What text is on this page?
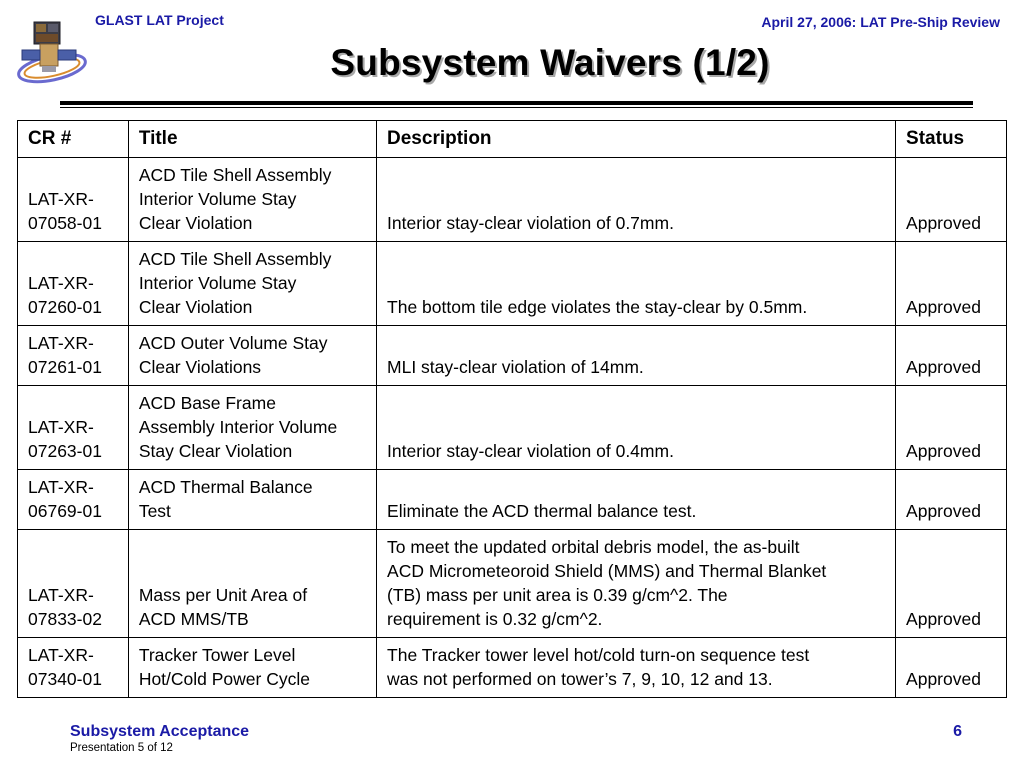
GLAST LAT Project	April 27, 2006: LAT Pre-Ship Review
Subsystem Waivers (1/2)
CR #	Title	Description	Status
LAT-XR-
07058-01	ACD Tile Shell Assembly
Interior Volume Stay
Clear Violation	Interior stay-clear violation of 0.7mm.	Approved
LAT-XR-
07260-01	ACD Tile Shell Assembly
Interior Volume Stay
Clear Violation	The bottom tile edge violates the stay-clear by 0.5mm.	Approved
LAT-XR-
07261-01	ACD Outer Volume Stay
Clear Violations	MLI stay-clear violation of 14mm.	Approved
LAT-XR-
07263-01	ACD Base Frame
Assembly Interior Volume
Stay Clear Violation	Interior stay-clear violation of 0.4mm.	Approved
LAT-XR-
06769-01	ACD Thermal Balance
Test	Eliminate the ACD thermal balance test.	Approved
LAT-XR-
07833-02	Mass per Unit Area of
ACD MMS/TB	To meet the updated orbital debris model, the as-built
ACD Micrometeoroid Shield (MMS) and Thermal Blanket
(TB) mass per unit area is 0.39 g/cm^2. The
requirement is 0.32 g/cm^2.	Approved
LAT-XR-
07340-01	Tracker Tower Level
Hot/Cold Power Cycle	The Tracker tower level hot/cold turn-on sequence test
was not performed on tower’s 7, 9, 10, 12 and 13.	Approved
Subsystem Acceptance
Presentation 5 of 12
6
